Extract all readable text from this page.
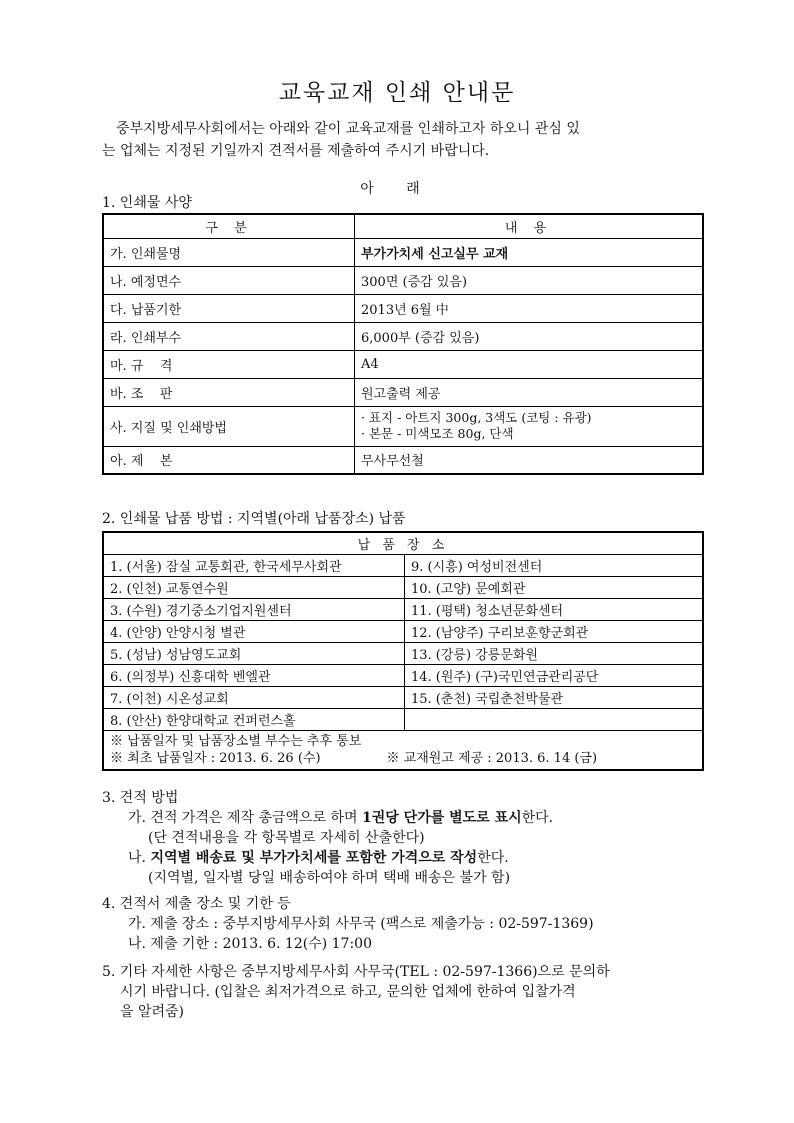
교육교재 인쇄 안내문

중부지방세무사회에서는 아래와 같이 교육교재를 인쇄하고자 하오니 관심 있

는 업체는 지정된 기일까지 견적서를 제출하여 주시기 바랍니다.

아 래
1. 인쇄물 사양
구 분	내 용
가. 인쇄물명	부가가치세 신고실무 교재
나. 예정면수	300면 (증감 있음)
다. 납품기한	2013년 6월 中
라. 인쇄부수	6,000부 (증감 있음)
마. 규    격	A4
바. 조    판	원고출력 제공
사. 지질 및 인쇄방법	· 표지 - 아트지 300g, 3색도 (코팅 : 유광)
· 본문 - 미색모조 80g, 단색

아. 제    본	무사무선철
2. 인쇄물 납품 방법 : 지역별(아래 납품장소) 납품
납 품 장 소	
1. (서울) 잠실 교통회관, 한국세무사회관	9. (시흥) 여성비전센터
2. (인천) 교통연수원	10. (고양) 문예회관
3. (수원) 경기중소기업지원센터	11. (평택) 청소년문화센터
4. (안양) 안양시청 별관	12. (남양주) 구리보훈향군회관
5. (성남) 성남영도교회	13. (강릉) 강릉문화원
6. (의정부) 신흥대학 벤엘관	14. (원주) (구)국민연금관리공단
7. (이천) 시온성교회	15. (춘천) 국립춘천박물관
8. (안산) 한양대학교 컨퍼런스홀	

※ 납품일자 및 납품장소별 부수는 추후 통보
※ 최초 납품일자 : 2013. 6. 26 (수) ※ 교재원고 제공 : 2013. 6. 14 (금)	
3. 견적 방법
가. 견적 가격은 제작 총금액으로 하며 1권당 단가를 별도로 표시한다.
(단 견적내용을 각 항목별로 자세히 산출한다)
나. 지역별 배송료 및 부가가치세를 포함한 가격으로 작성한다.
(지역별, 일자별 당일 배송하여야 하며 택배 배송은 불가 함)
4. 견적서 제출 장소 및 기한 등
가. 제출 장소 : 중부지방세무사회 사무국 (팩스로 제출가능 : 02-597-1369)
나. 제출 기한 : 2013. 6. 12(수) 17:00
5. 기타 자세한 사항은 중부지방세무사회 사무국(TEL : 02-597-1366)으로 문의하
시기 바랍니다. (입찰은 최저가격으로 하고, 문의한 업체에 한하여 입찰가격
을 알려줌)
